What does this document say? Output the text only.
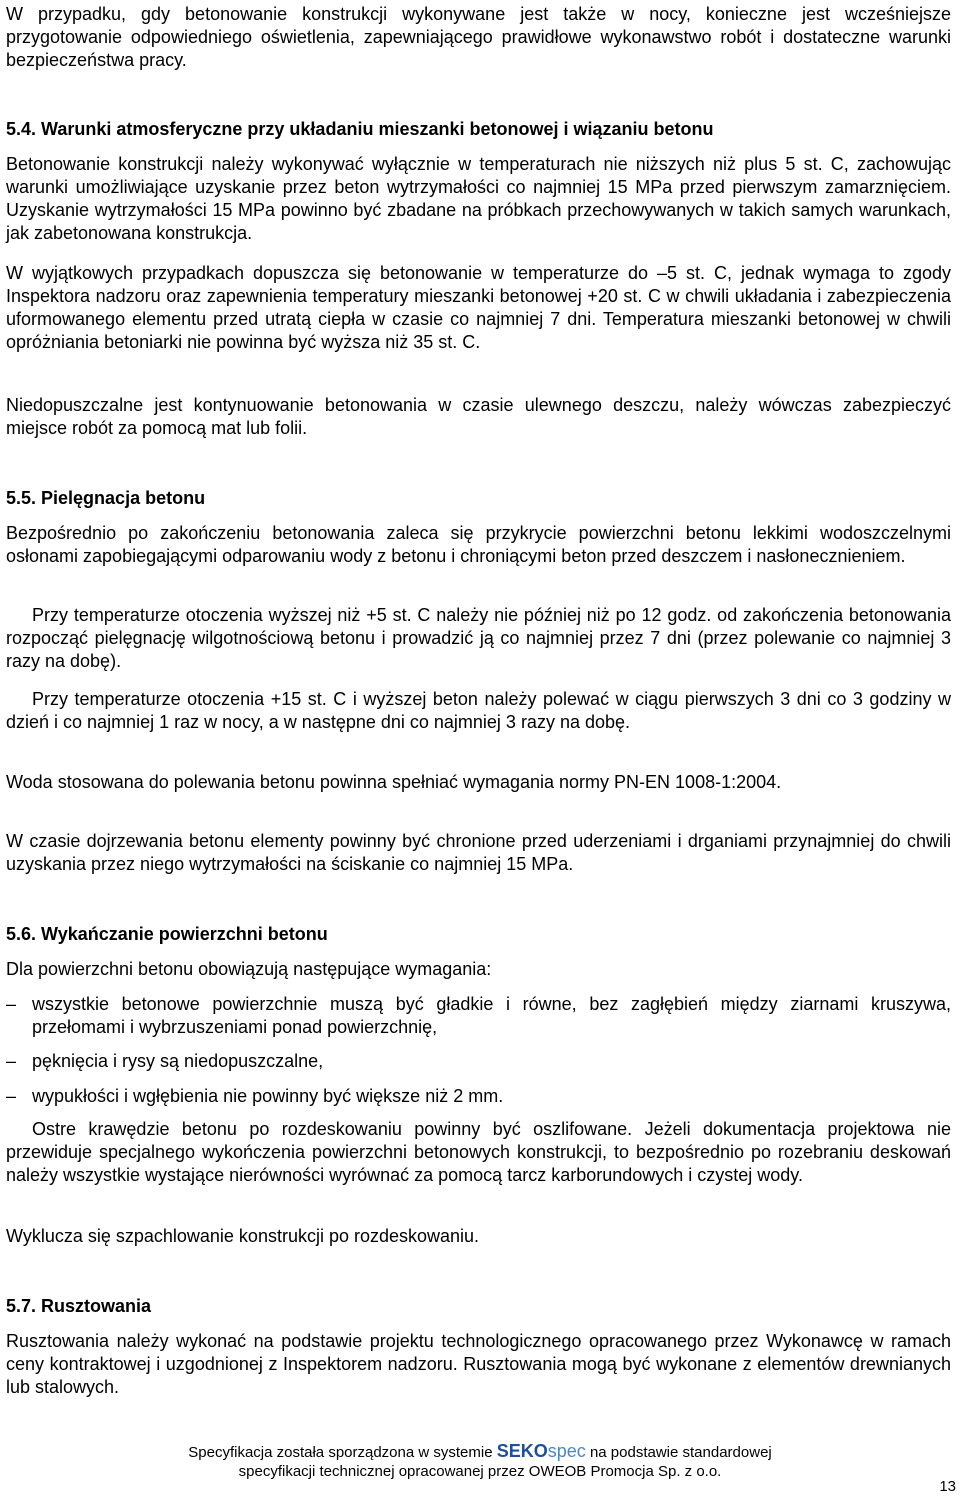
W przypadku, gdy betonowanie konstrukcji wykonywane jest także w nocy, konieczne jest wcześniejsze przygotowanie odpowiedniego oświetlenia, zapewniającego prawidłowe wykonawstwo robót i dostateczne warunki bezpieczeństwa pracy.

5.4. Warunki atmosferyczne przy układaniu mieszanki betonowej i wiązaniu betonu

Betonowanie konstrukcji należy wykonywać wyłącznie w temperaturach nie niższych niż plus 5 st. C, zachowując warunki umożliwiające uzyskanie przez beton wytrzymałości co najmniej 15 MPa przed pierwszym zamarznięciem. Uzyskanie wytrzymałości 15 MPa powinno być zbadane na próbkach przechowywanych w takich samych warunkach, jak zabetonowana konstrukcja.

W wyjątkowych przypadkach dopuszcza się betonowanie w temperaturze do –5 st. C, jednak wymaga to zgody Inspektora nadzoru oraz zapewnienia temperatury mieszanki betonowej +20 st. C w chwili układania i zabezpieczenia uformowanego elementu przed utratą ciepła w czasie co najmniej 7 dni. Temperatura mieszanki betonowej w chwili opróżniania betoniarki nie powinna być wyższa niż 35 st. C.

Niedopuszczalne jest kontynuowanie betonowania w czasie ulewnego deszczu, należy wówczas zabezpieczyć miejsce robót za pomocą mat lub folii.

5.5. Pielęgnacja betonu

Bezpośrednio po zakończeniu betonowania zaleca się przykrycie powierzchni betonu lekkimi wodoszczelnymi osłonami zapobiegającymi odparowaniu wody z betonu i chroniącymi beton przed deszczem i nasłonecznieniem.

Przy temperaturze otoczenia wyższej niż +5 st. C należy nie później niż po 12 godz. od zakończenia betonowania rozpocząć pielęgnację wilgotnościową betonu i prowadzić ją co najmniej przez 7 dni (przez polewanie co najmniej 3 razy na dobę).

Przy temperaturze otoczenia +15 st. C i wyższej beton należy polewać w ciągu pierwszych 3 dni co 3 godziny w dzień i co najmniej 1 raz w nocy, a w następne dni co najmniej 3 razy na dobę.

Woda stosowana do polewania betonu powinna spełniać wymagania normy PN-EN 1008-1:2004.

W czasie dojrzewania betonu elementy powinny być chronione przed uderzeniami i drganiami przynajmniej do chwili uzyskania przez niego wytrzymałości na ściskanie co najmniej 15 MPa.

5.6. Wykańczanie powierzchni betonu

Dla powierzchni betonu obowiązują następujące wymagania:

– wszystkie betonowe powierzchnie muszą być gładkie i równe, bez zagłębień między ziarnami kruszywa, przełomami i wybrzuszeniami ponad powierzchnię,
– pęknięcia i rysy są niedopuszczalne,
– wypukłości i wgłębienia nie powinny być większe niż 2 mm.

Ostre krawędzie betonu po rozdeskowaniu powinny być oszlifowane. Jeżeli dokumentacja projektowa nie przewiduje specjalnego wykończenia powierzchni betonowych konstrukcji, to bezpośrednio po rozebraniu deskowań należy wszystkie wystające nierówności wyrównać za pomocą tarcz karborundowych i czystej wody.

Wyklucza się szpachlowanie konstrukcji po rozdeskowaniu.

5.7. Rusztowania

Rusztowania należy wykonać na podstawie projektu technologicznego opracowanego przez Wykonawcę w ramach ceny kontraktowej i uzgodnionej z Inspektorem nadzoru. Rusztowania mogą być wykonane z elementów drewnianych lub stalowych.

Specyfikacja została sporządzona w systemie SEKOspec na podstawie standardowej
specyfikacji technicznej opracowanej przez OWEOB Promocja Sp. z o.o.
13
